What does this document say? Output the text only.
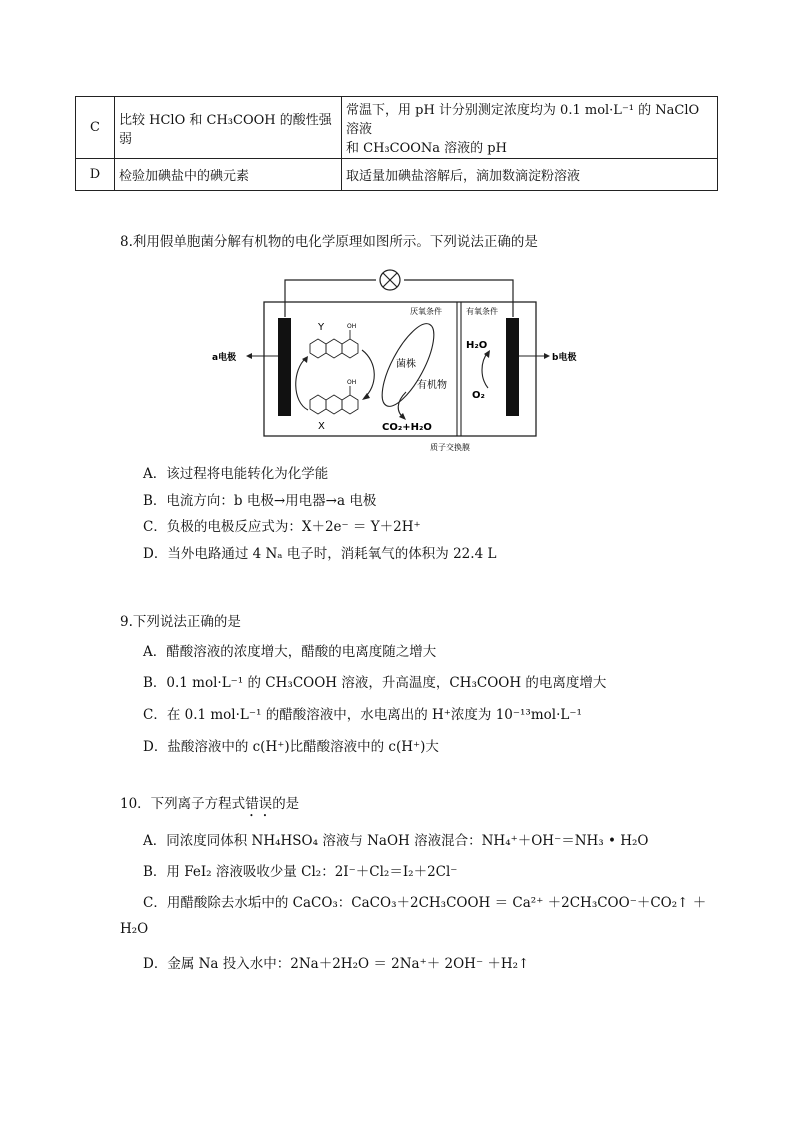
C	比较 HClO 和 CH₃COOH 的酸性强弱	常温下，用 pH 计分别测定浓度均为 0.1 mol·L⁻¹ 的 NaClO 溶液
和 CH₃COONa 溶液的 pH

D	检验加碘盐中的碘元素	取适量加碘盐溶解后，滴加数滴淀粉溶液
8.利用假单胞菌分解有机物的电化学原理如图所示。下列说法正确的是
a电极	b电极
厌氧条件	有氧条件
Y	OH
OH
X
菌株
有机物
CO₂+H₂O
H₂O
O₂
质子交换膜
A．该过程将电能转化为化学能
B．电流方向：b 电极→用电器→a 电极
C．负极的电极反应式为：X＋2e⁻ ＝ Y＋2H⁺
D．当外电路通过 4 Nₐ 电子时，消耗氧气的体积为 22.4 L
9.下列说法正确的是
A．醋酸溶液的浓度增大，醋酸的电离度随之增大
B．0.1 mol·L⁻¹ 的 CH₃COOH 溶液，升高温度，CH₃COOH 的电离度增大
C．在 0.1 mol·L⁻¹ 的醋酸溶液中，水电离出的 H⁺浓度为 10⁻¹³mol·L⁻¹
D．盐酸溶液中的 c(H⁺)比醋酸溶液中的 c(H⁺)大
10．下列离子方程式错误的是
A．同浓度同体积 NH₄HSO₄ 溶液与 NaOH 溶液混合：NH₄⁺＋OH⁻＝NH₃ • H₂O
B．用 FeI₂ 溶液吸收少量 Cl₂：2I⁻＋Cl₂＝I₂＋2Cl⁻
C．用醋酸除去水垢中的 CaCO₃：CaCO₃＋2CH₃COOH ＝ Ca²⁺ ＋2CH₃COO⁻＋CO₂↑ ＋
H₂O
D．金属 Na 投入水中：2Na＋2H₂O ＝ 2Na⁺＋ 2OH⁻ ＋H₂↑
